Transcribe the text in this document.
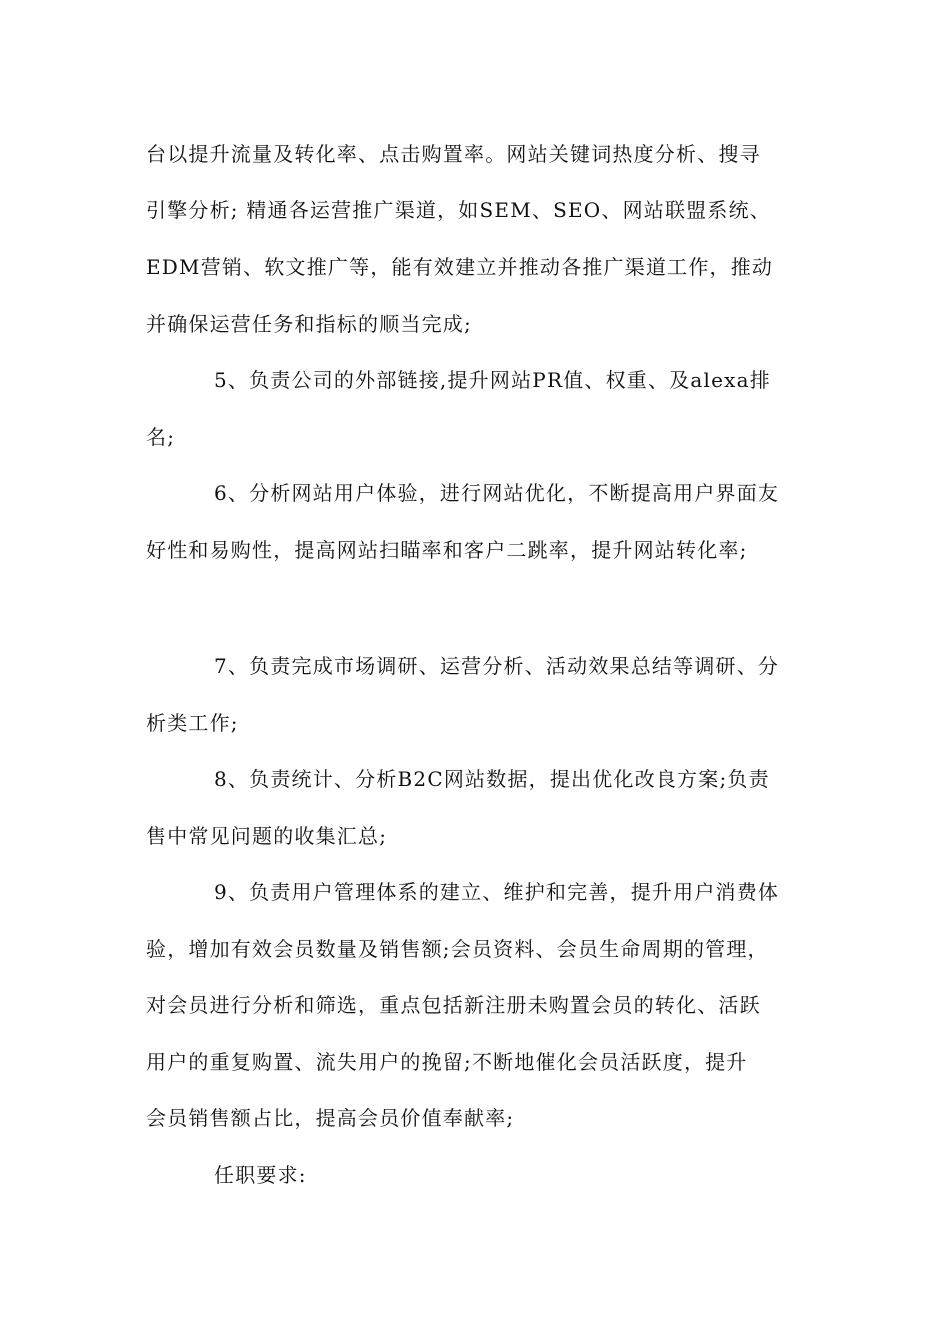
台以提升流量及转化率、点击购置率。网站关键词热度分析、搜寻
引擎分析; 精通各运营推广渠道，如SEM、SEO、网站联盟系统、
EDM营销、软文推广等，能有效建立并推动各推广渠道工作，推动
并确保运营任务和指标的顺当完成;
5、负责公司的外部链接,提升网站PR值、权重、及alexa排
名;
6、分析网站用户体验，进行网站优化，不断提高用户界面友
好性和易购性，提高网站扫瞄率和客户二跳率，提升网站转化率;
7、负责完成市场调研、运营分析、活动效果总结等调研、分
析类工作;
8、负责统计、分析B2C网站数据，提出优化改良方案;负责
售中常见问题的收集汇总;
9、负责用户管理体系的建立、维护和完善，提升用户消费体
验，增加有效会员数量及销售额;会员资料、会员生命周期的管理，
对会员进行分析和筛选，重点包括新注册未购置会员的转化、活跃
用户的重复购置、流失用户的挽留;不断地催化会员活跃度，提升
会员销售额占比，提高会员价值奉献率;
任职要求:
